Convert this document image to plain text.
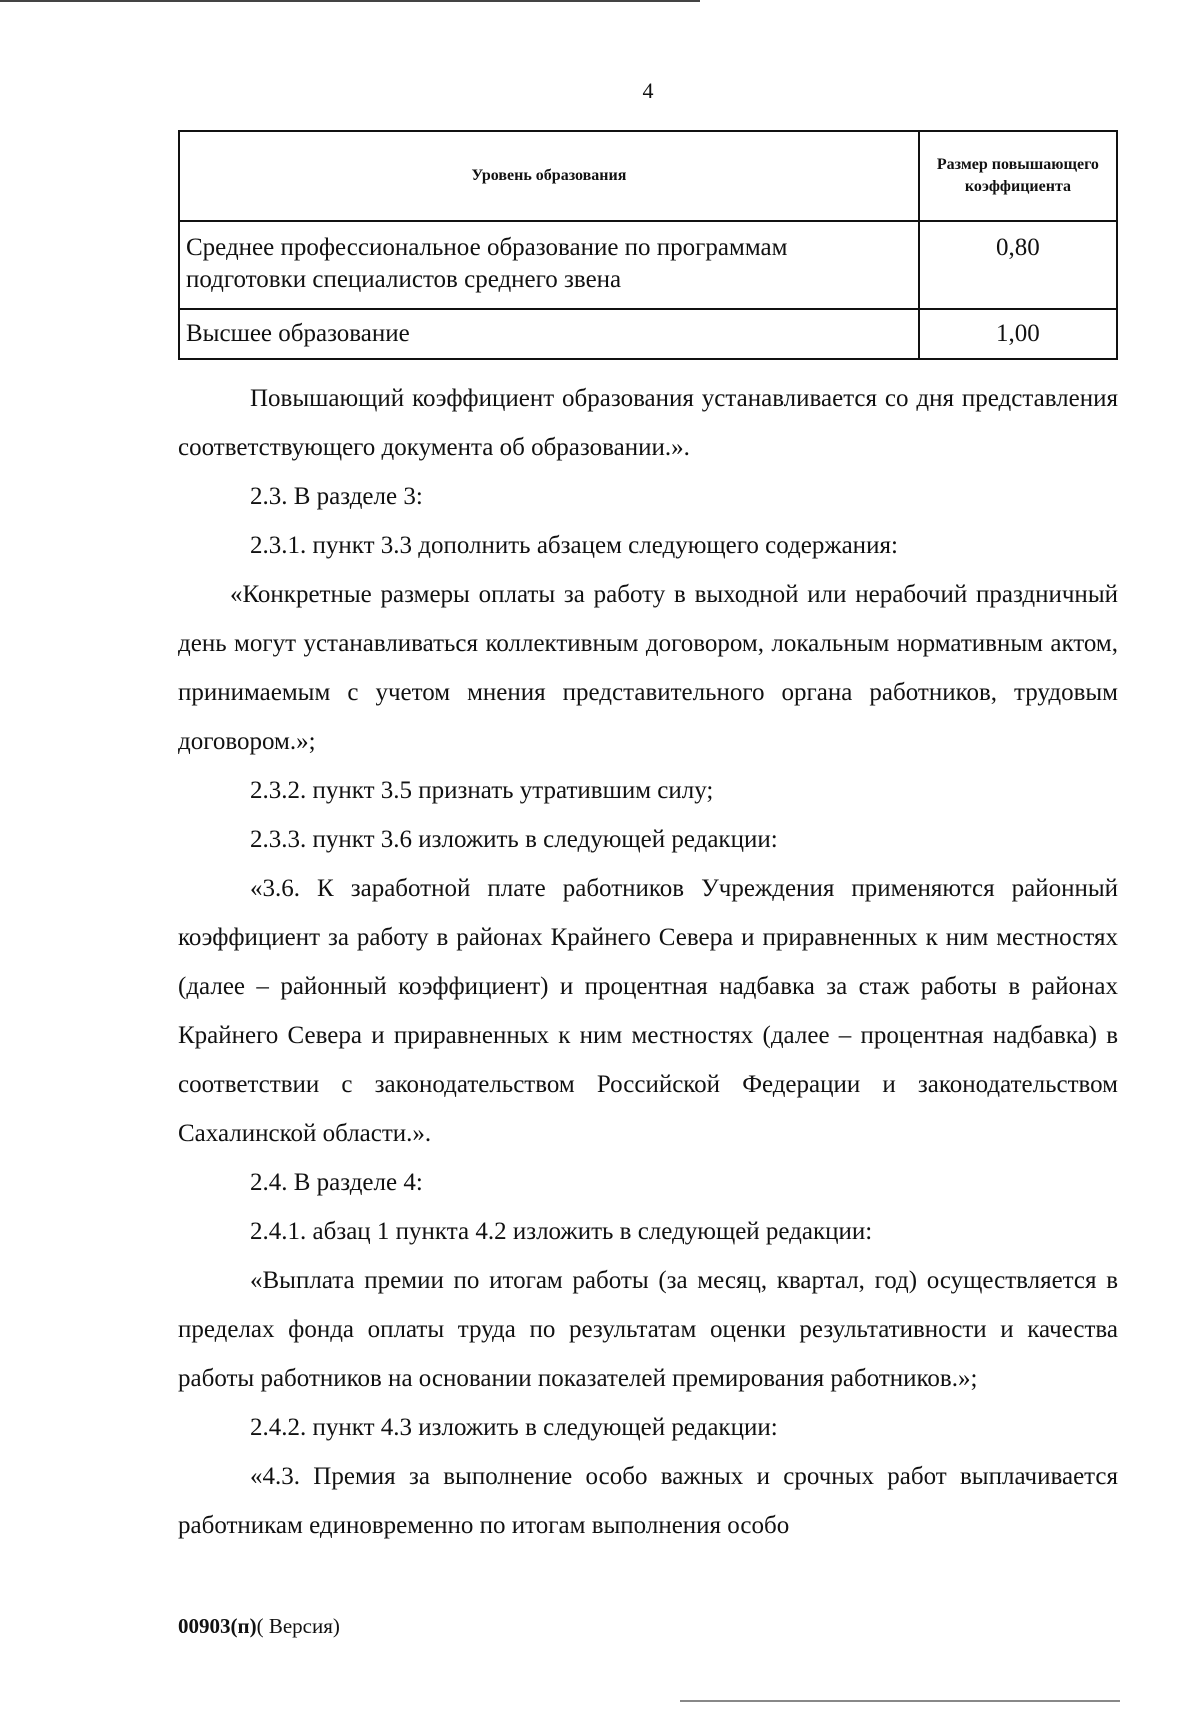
4
Уровень образования	Размер повышающего коэффициента
Среднее профессиональное образование по программам подготовки специалистов среднего звена	0,80
Высшее образование	1,00

Повышающий коэффициент образования устанавливается со дня представления соответствующего документа об образовании.».

2.3. В разделе 3:

2.3.1. пункт 3.3 дополнить абзацем следующего содержания:

«Конкретные размеры оплаты за работу в выходной или нерабочий праздничный день могут устанавливаться коллективным договором, локальным нормативным актом, принимаемым с учетом мнения представительного органа работников, трудовым договором.»;

2.3.2. пункт 3.5 признать утратившим силу;

2.3.3. пункт 3.6 изложить в следующей редакции:

«3.6. К заработной плате работников Учреждения применяются районный коэффициент за работу в районах Крайнего Севера и приравненных к ним местностях (далее – районный коэффициент) и процентная надбавка за стаж работы в районах Крайнего Севера и приравненных к ним местностях (далее – процентная надбавка) в соответствии с законодательством Российской Федерации и законодательством Сахалинской области.».

2.4. В разделе 4:

2.4.1. абзац 1 пункта 4.2 изложить в следующей редакции:

«Выплата премии по итогам работы (за месяц, квартал, год) осуществляется в пределах фонда оплаты труда по результатам оценки результативности и качества работы работников на основании показателей премирования работников.»;

2.4.2. пункт 4.3 изложить в следующей редакции:

«4.3. Премия за выполнение особо важных и срочных работ выплачивается работникам единовременно по итогам выполнения особо

00903(п)( Версия)
